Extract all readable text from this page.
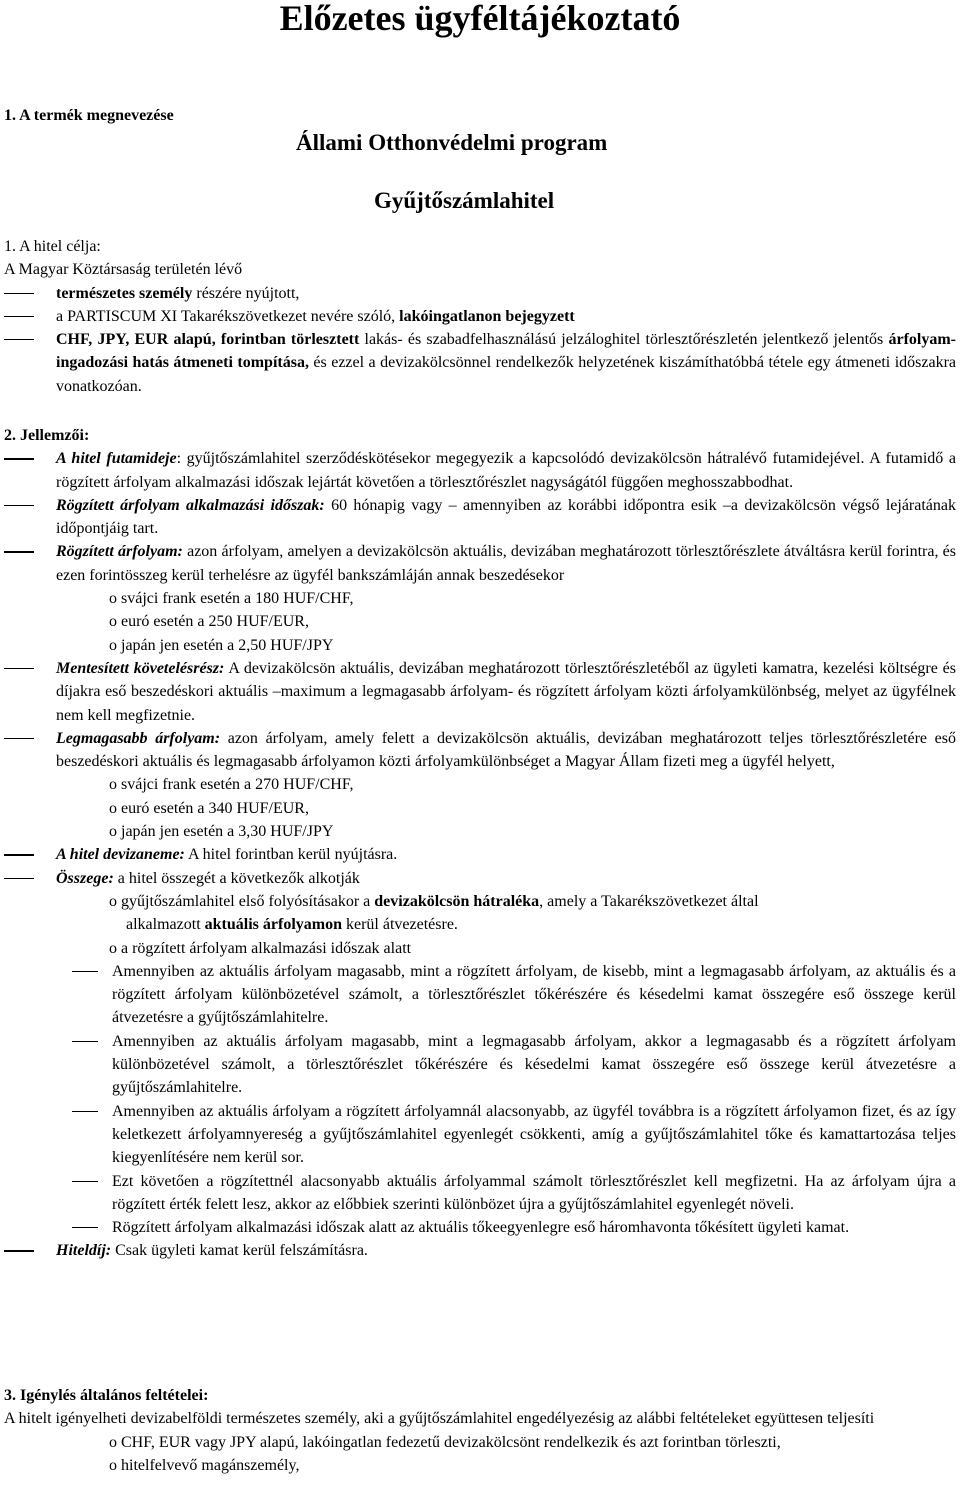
Előzetes ügyféltájékoztató
1. A termék megnevezése
Állami Otthonvédelmi program
Gyűjtőszámlahitel

1. A hitel célja:

A Magyar Köztársaság területén lévő

természetes személy részére nyújtott,

a PARTISCUM XI Takarékszövetkezet nevére szóló, lakóingatlanon bejegyzett

CHF, JPY, EUR alapú, forintban törlesztett lakás- és szabadfelhasználású jelzáloghitel törlesztőrészletén jelentkező jelentős árfolyam-ingadozási hatás átmeneti tompítása, és ezzel a devizakölcsönnel rendelkezők helyzetének kiszámíthatóbbá tétele egy átmeneti időszakra vonatkozóan.

2. Jellemzői:

A hitel futamideje: gyűjtőszámlahitel szerződéskötésekor megegyezik a kapcsolódó devizakölcsön hátralévő futamidejével. A futamidő a rögzített árfolyam alkalmazási időszak lejártát követően a törlesztőrészlet nagyságától függően meghosszabbodhat.

Rögzített árfolyam alkalmazási időszak: 60 hónapig vagy – amennyiben az korábbi időpontra esik –a devizakölcsön végső lejáratának időpontjáig tart.

Rögzített árfolyam: azon árfolyam, amelyen a devizakölcsön aktuális, devizában meghatározott törlesztőrészlete átváltásra kerül forintra, és ezen forintösszeg kerül terhelésre az ügyfél bankszámláján annak beszedésekor

o svájci frank esetén a 180 HUF/CHF,

o euró esetén a 250 HUF/EUR,

o japán jen esetén a 2,50 HUF/JPY

Mentesített követelésrész: A devizakölcsön aktuális, devizában meghatározott törlesztőrészletéből az ügyleti kamatra, kezelési költségre és díjakra eső beszedéskori aktuális –maximum a legmagasabb árfolyam- és rögzített árfolyam közti árfolyamkülönbség, melyet az ügyfélnek nem kell megfizetnie.

Legmagasabb árfolyam: azon árfolyam, amely felett a devizakölcsön aktuális, devizában meghatározott teljes törlesztőrészletére eső beszedéskori aktuális és legmagasabb árfolyamon közti árfolyamkülönbséget a Magyar Állam fizeti meg a ügyfél helyett,

o svájci frank esetén a 270 HUF/CHF,

o euró esetén a 340 HUF/EUR,

o japán jen esetén a 3,30 HUF/JPY

A hitel devizaneme: A hitel forintban kerül nyújtásra.

Összege: a hitel összegét a következők alkotják

o gyűjtőszámlahitel első folyósításakor a devizakölcsön hátraléka, amely a Takarékszövetkezet által

alkalmazott aktuális árfolyamon kerül átvezetésre.

o a rögzített árfolyam alkalmazási időszak alatt

Amennyiben az aktuális árfolyam magasabb, mint a rögzített árfolyam, de kisebb, mint a legmagasabb árfolyam, az aktuális és a rögzített árfolyam különbözetével számolt, a törlesztőrészlet tőkérészére és késedelmi kamat összegére eső összege kerül átvezetésre a gyűjtőszámlahitelre.

Amennyiben az aktuális árfolyam magasabb, mint a legmagasabb árfolyam, akkor a legmagasabb és a rögzített árfolyam különbözetével számolt, a törlesztőrészlet tőkérészére és késedelmi kamat összegére eső összege kerül átvezetésre a gyűjtőszámlahitelre.

Amennyiben az aktuális árfolyam a rögzített árfolyamnál alacsonyabb, az ügyfél továbbra is a rögzített árfolyamon fizet, és az így keletkezett árfolyamnyereség a gyűjtőszámlahitel egyenlegét csökkenti, amíg a gyűjtőszámlahitel tőke és kamattartozása teljes kiegyenlítésére nem kerül sor.

Ezt követően a rögzítettnél alacsonyabb aktuális árfolyammal számolt törlesztőrészlet kell megfizetni. Ha az árfolyam újra a rögzített érték felett lesz, akkor az előbbiek szerinti különbözet újra a gyűjtőszámlahitel egyenlegét növeli.

Rögzített árfolyam alkalmazási időszak alatt az aktuális tőkeegyenlegre eső háromhavonta tőkésített ügyleti kamat.

Hiteldíj: Csak ügyleti kamat kerül felszámításra.

3. Igénylés általános feltételei:

A hitelt igényelheti devizabelföldi természetes személy, aki a gyűjtőszámlahitel engedélyezésig az alábbi feltételeket együttesen teljesíti

o CHF, EUR vagy JPY alapú, lakóingatlan fedezetű devizakölcsönt rendelkezik és azt forintban törleszti,

o hitelfelvevő magánszemély,
